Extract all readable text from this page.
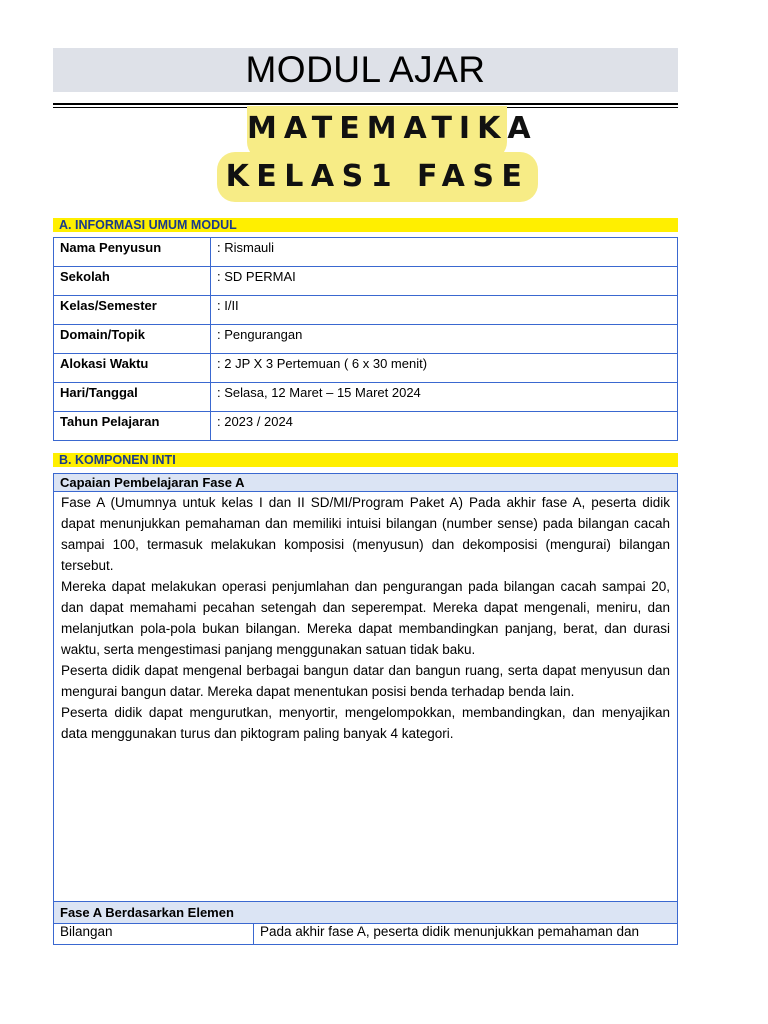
MODUL AJAR
MATEMATIKA
KELAS1 FASE
A. INFORMASI UMUM MODUL
Nama Penyusun	: Rismauli
Sekolah	: SD PERMAI
Kelas/Semester	: I/II
Domain/Topik	: Pengurangan
Alokasi Waktu	: 2 JP X 3 Pertemuan ( 6 x 30 menit)
Hari/Tanggal	: Selasa, 12 Maret – 15 Maret 2024
Tahun Pelajaran	: 2023 / 2024
B. KOMPONEN INTI
Capaian Pembelajaran Fase A

Fase A (Umumnya untuk kelas I dan II SD/MI/Program Paket A) Pada akhir fase A, peserta didik dapat menunjukkan pemahaman dan memiliki intuisi bilangan (number sense) pada bilangan cacah sampai 100, termasuk melakukan komposisi (menyusun) dan dekomposisi (mengurai) bilangan tersebut.

Mereka dapat melakukan operasi penjumlahan dan pengurangan pada bilangan cacah sampai 20, dan dapat memahami pecahan setengah dan seperempat. Mereka dapat mengenali, meniru, dan melanjutkan pola-pola bukan bilangan. Mereka dapat membandingkan panjang, berat, dan durasi waktu, serta mengestimasi panjang menggunakan satuan tidak baku.

Peserta didik dapat mengenal berbagai bangun datar dan bangun ruang, serta dapat menyusun dan mengurai bangun datar. Mereka dapat menentukan posisi benda terhadap benda lain.

Peserta didik dapat mengurutkan, menyortir, mengelompokkan, membandingkan, dan menyajikan data menggunakan turus dan piktogram paling banyak 4 kategori.

Fase A Berdasarkan Elemen
Bilangan	Pada akhir fase A, peserta didik menunjukkan pemahaman dan
